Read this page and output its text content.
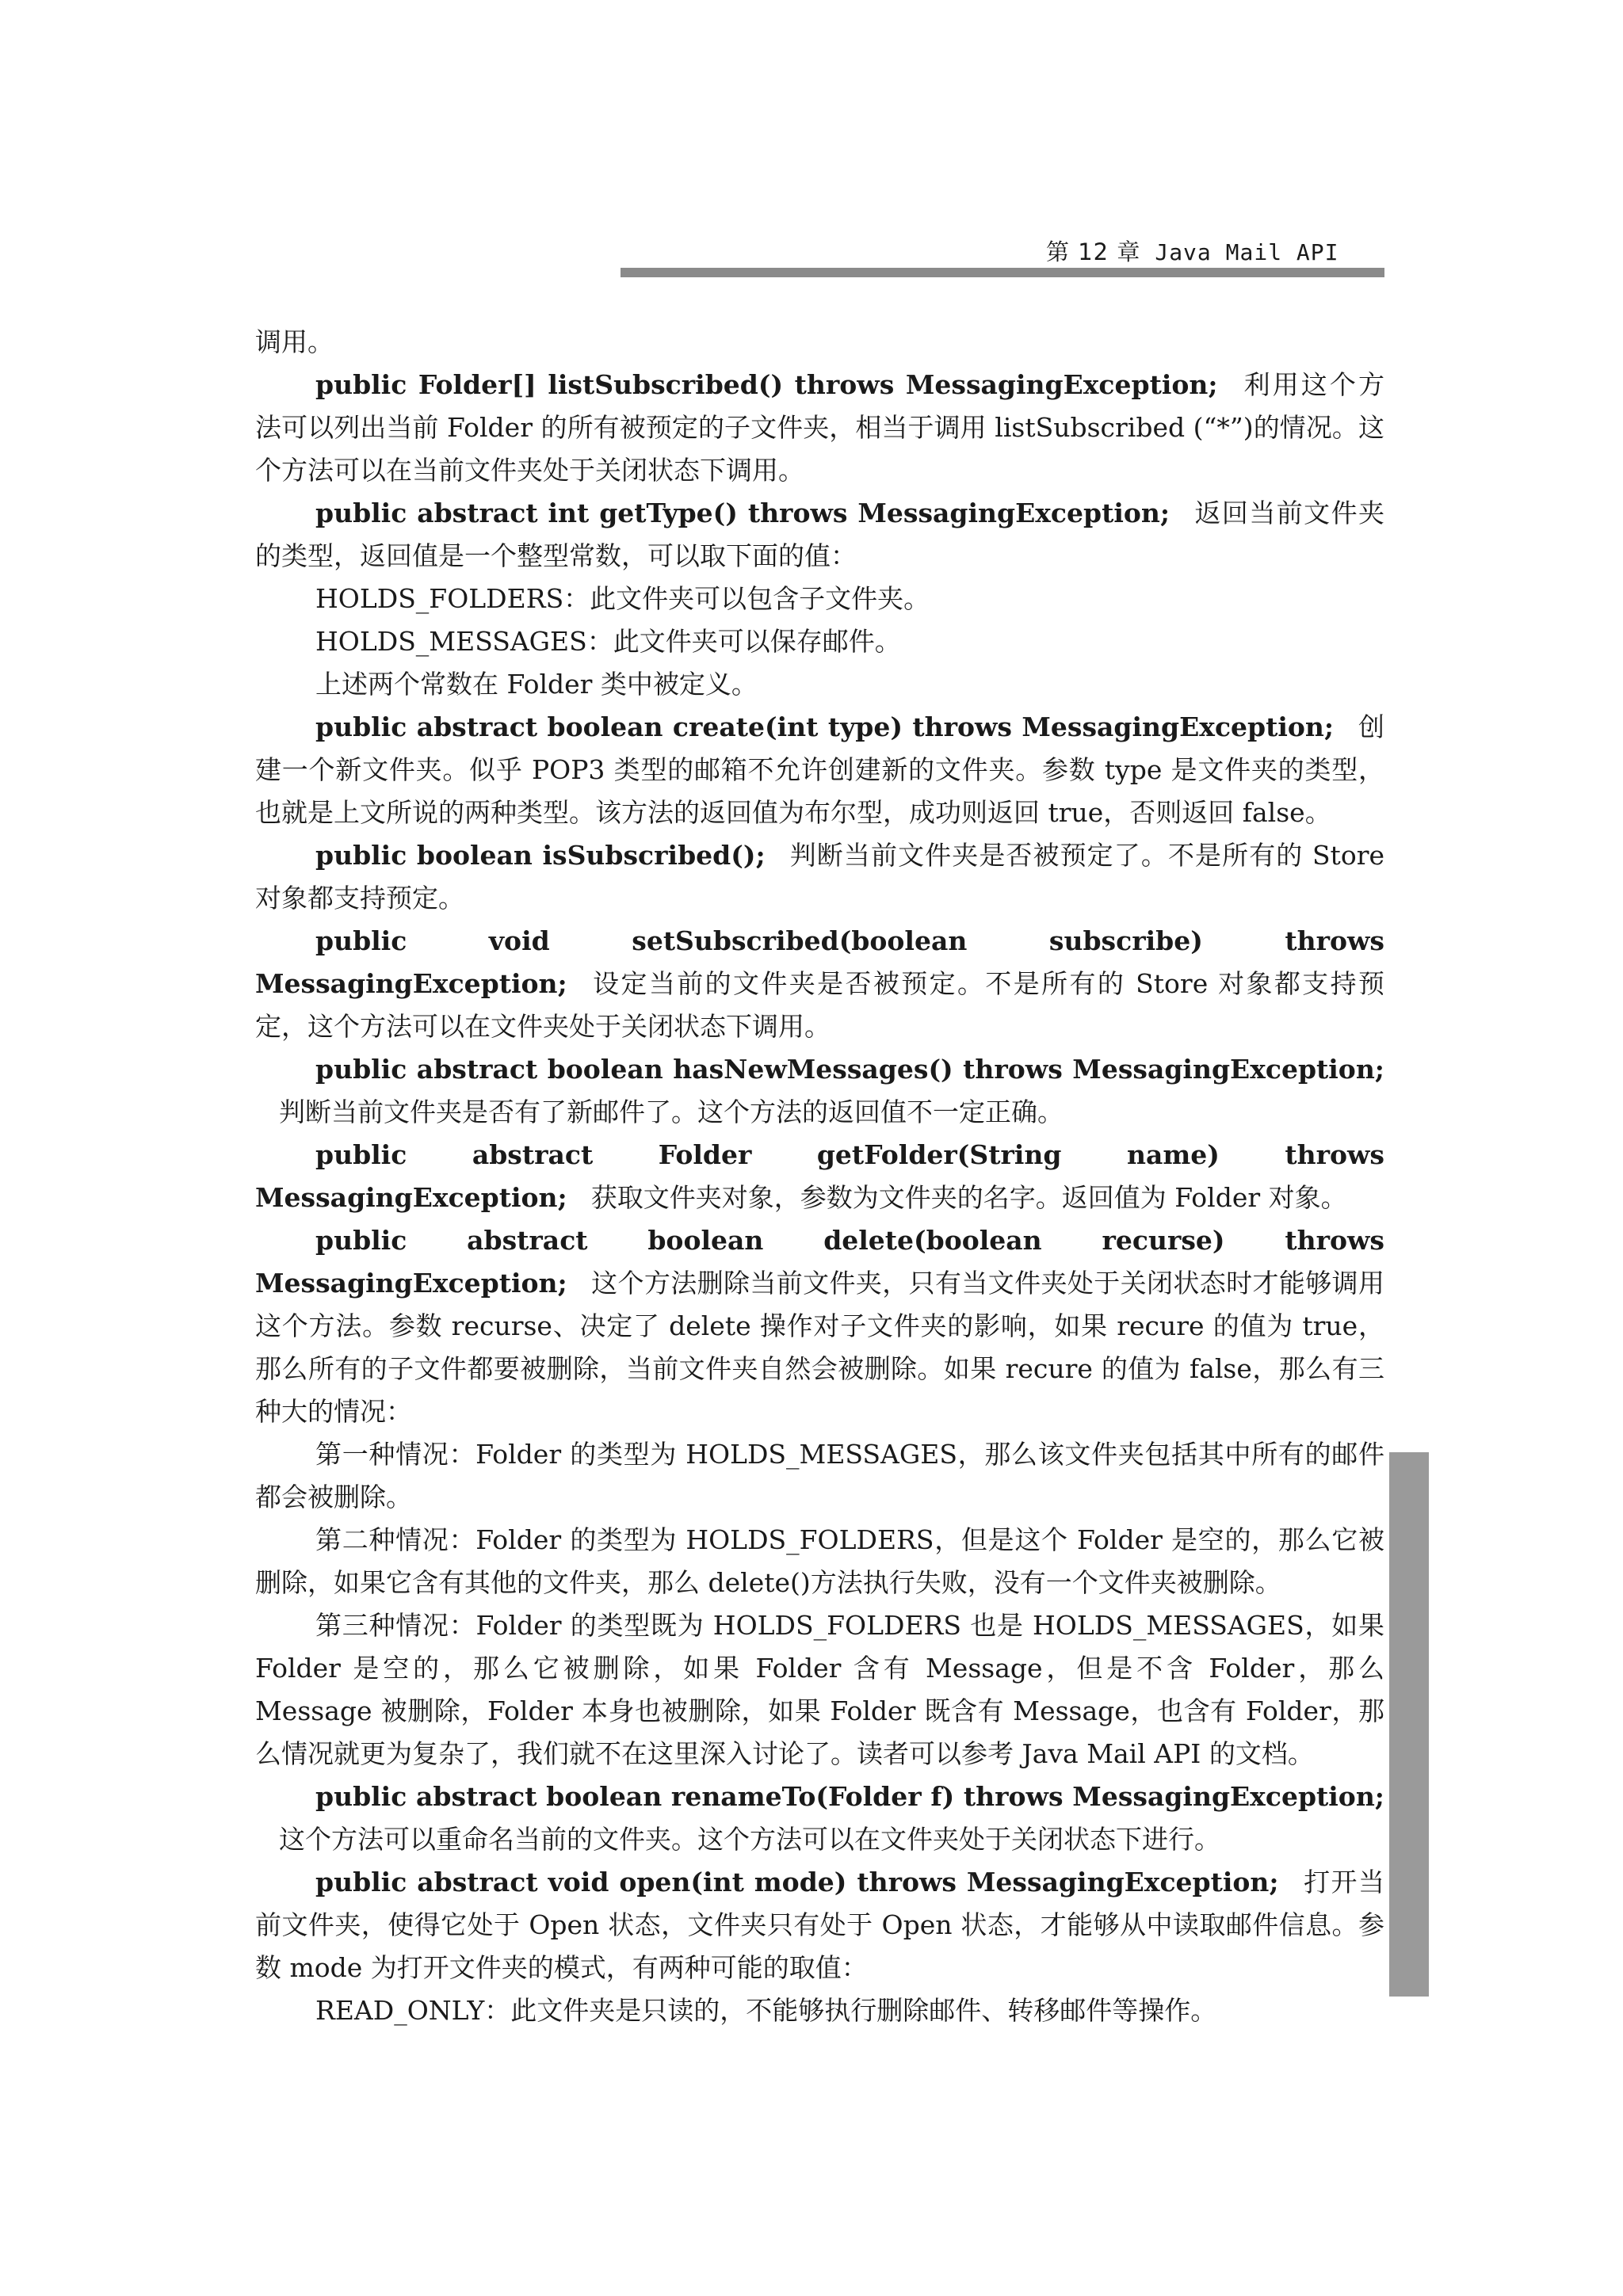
第 12 章 Java Mail API

调用。

public Folder[] listSubscribed() throws MessagingException; 利用这个方法可以列出当前 Folder 的所有被预定的子文件夹，相当于调用 listSubscribed (“*”)的情况。这个方法可以在当前文件夹处于关闭状态下调用。

public abstract int getType() throws MessagingException; 返回当前文件夹的类型，返回值是一个整型常数，可以取下面的值：

HOLDS_FOLDERS：此文件夹可以包含子文件夹。

HOLDS_MESSAGES：此文件夹可以保存邮件。

上述两个常数在 Folder 类中被定义。

public abstract boolean create(int type) throws MessagingException; 创建一个新文件夹。似乎 POP3 类型的邮箱不允许创建新的文件夹。参数 type 是文件夹的类型，也就是上文所说的两种类型。该方法的返回值为布尔型，成功则返回 true，否则返回 false。

public boolean isSubscribed(); 判断当前文件夹是否被预定了。不是所有的 Store 对象都支持预定。

public void setSubscribed(boolean subscribe) throws MessagingException; 设定当前的文件夹是否被预定。不是所有的 Store 对象都支持预定，这个方法可以在文件夹处于关闭状态下调用。

public abstract boolean hasNewMessages() throws MessagingException;判断当前文件夹是否有了新邮件了。这个方法的返回值不一定正确。

public abstract Folder getFolder(String name) throws MessagingException; 获取文件夹对象，参数为文件夹的名字。返回值为 Folder 对象。

public abstract boolean delete(boolean recurse) throws MessagingException; 这个方法删除当前文件夹，只有当文件夹处于关闭状态时才能够调用这个方法。参数 recurse、决定了 delete 操作对子文件夹的影响，如果 recure 的值为 true，那么所有的子文件都要被删除，当前文件夹自然会被删除。如果 recure 的值为 false，那么有三种大的情况：

第一种情况：Folder 的类型为 HOLDS_MESSAGES，那么该文件夹包括其中所有的邮件都会被删除。

第二种情况：Folder 的类型为 HOLDS_FOLDERS，但是这个 Folder 是空的，那么它被删除，如果它含有其他的文件夹，那么 delete()方法执行失败，没有一个文件夹被删除。

第三种情况：Folder 的类型既为 HOLDS_FOLDERS 也是 HOLDS_MESSAGES，如果 Folder 是空的，那么它被删除，如果 Folder 含有 Message，但是不含 Folder，那么 Message 被删除，Folder 本身也被删除，如果 Folder 既含有 Message，也含有 Folder，那么情况就更为复杂了，我们就不在这里深入讨论了。读者可以参考 Java Mail API 的文档。

public abstract boolean renameTo(Folder f) throws MessagingException;这个方法可以重命名当前的文件夹。这个方法可以在文件夹处于关闭状态下进行。

public abstract void open(int mode) throws MessagingException; 打开当前文件夹，使得它处于 Open 状态，文件夹只有处于 Open 状态，才能够从中读取邮件信息。参数 mode 为打开文件夹的模式，有两种可能的取值：

READ_ONLY：此文件夹是只读的，不能够执行删除邮件、转移邮件等操作。
